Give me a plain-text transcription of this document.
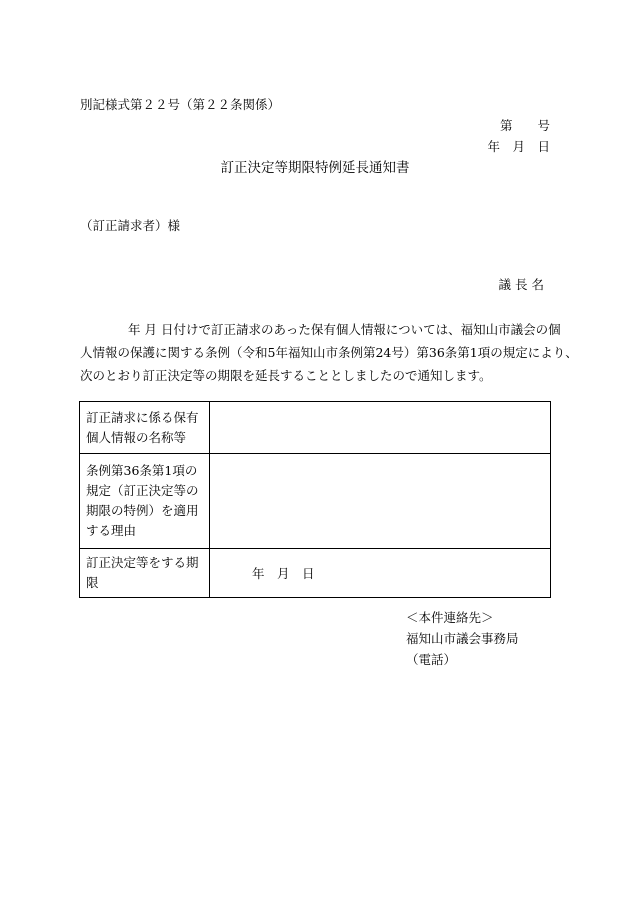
別記様式第２２号（第２２条関係）
第　　号
年　月　日
訂正決定等期限特例延長通知書
（訂正請求者）様
議 長 名
年 月 日付けで訂正請求のあった保有個人情報については、福知山市議会の個
人情報の保護に関する条例（令和5年福知山市条例第24号）第36条第1項の規定により、
次のとおり訂正決定等の期限を延長することとしましたので通知します。
訂正請求に係る保有
個人情報の名称等	

条例第36条第1項の
規定（訂正決定等の
期限の特例）を適用
する理由	

訂正決定等をする期
限	年　月　日
＜本件連絡先＞
福知山市議会事務局
（電話）
